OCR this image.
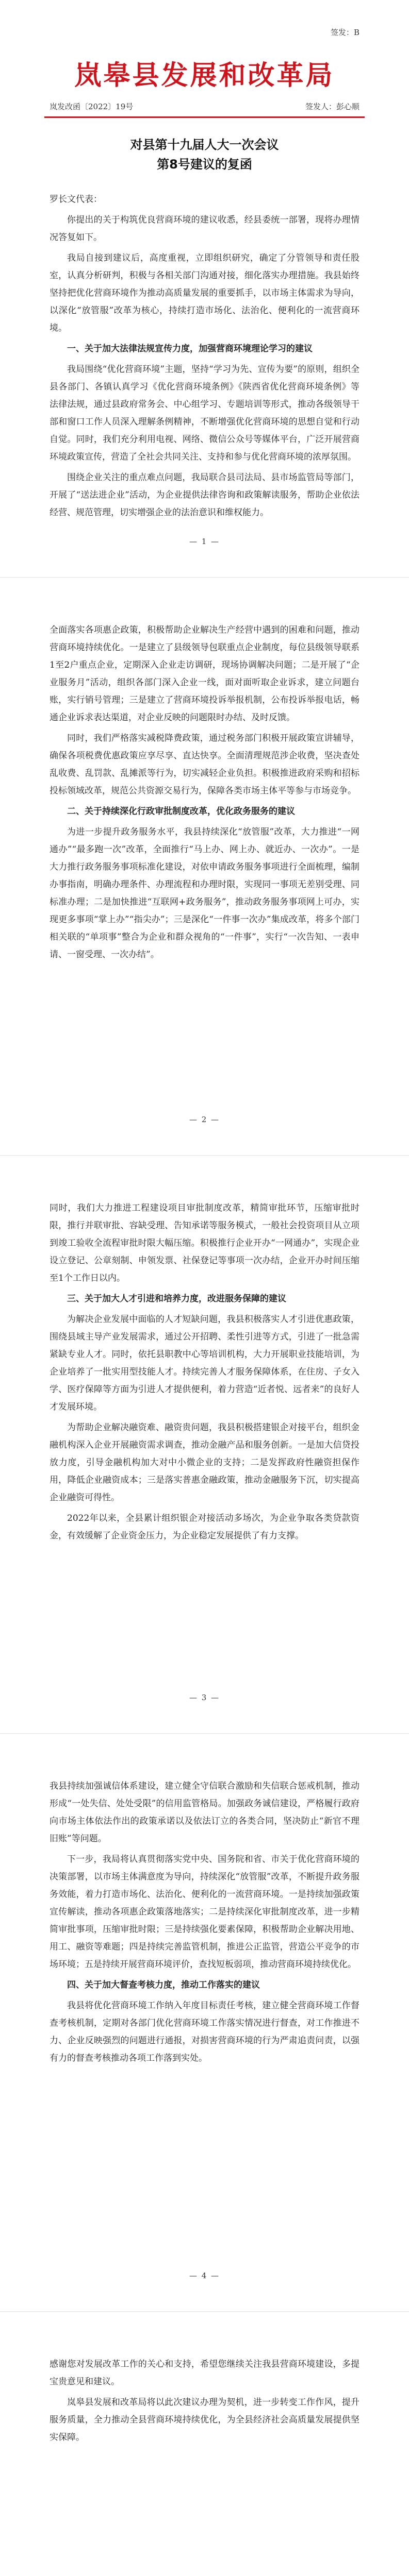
签发：B
岚皋县发展和改革局
岚发改函〔2022〕19号	签发人：彭心顺
对县第十九届人大一次会议
第8号建议的复函
罗长文代表：
你提出的关于构筑优良营商环境的建议收悉，经县委统一部署，现将办理情况答复如下。
我局自接到建议后，高度重视，立即组织研究，确定了分管领导和责任股室，认真分析研判，积极与各相关部门沟通对接，细化落实办理措施。我县始终坚持把优化营商环境作为推动高质量发展的重要抓手，以市场主体需求为导向，以深化“放管服”改革为核心，持续打造市场化、法治化、便利化的一流营商环境。
一、关于加大法律法规宣传力度，加强营商环境理论学习的建议
我局围绕“优化营商环境”主题，坚持“学习为先、宣传为要”的原则，组织全县各部门、各镇认真学习《优化营商环境条例》《陕西省优化营商环境条例》等法律法规，通过县政府常务会、中心组学习、专题培训等形式，推动各级领导干部和窗口工作人员深入理解条例精神，不断增强优化营商环境的思想自觉和行动自觉。同时，我们充分利用电视、网络、微信公众号等媒体平台，广泛开展营商环境政策宣传，营造了全社会共同关注、支持和参与优化营商环境的浓厚氛围。
围绕企业关注的重点难点问题，我局联合县司法局、县市场监管局等部门，开展了“送法进企业”活动，为企业提供法律咨询和政策解读服务，帮助企业依法经营、规范管理，切实增强企业的法治意识和维权能力。
— 1 —
全面落实各项惠企政策，积极帮助企业解决生产经营中遇到的困难和问题，推动营商环境持续优化。一是建立了县级领导包联重点企业制度，每位县级领导联系1至2户重点企业，定期深入企业走访调研，现场协调解决问题；二是开展了“企业服务月”活动，组织各部门深入企业一线，面对面听取企业诉求，建立问题台账，实行销号管理；三是建立了营商环境投诉举报机制，公布投诉举报电话，畅通企业诉求表达渠道，对企业反映的问题限时办结、及时反馈。
同时，我们严格落实减税降费政策，通过税务部门积极开展政策宣讲辅导，确保各项税费优惠政策应享尽享、直达快享。全面清理规范涉企收费，坚决查处乱收费、乱罚款、乱摊派等行为，切实减轻企业负担。积极推进政府采购和招标投标领域改革，规范公共资源交易行为，保障各类市场主体平等参与市场竞争。
二、关于持续深化行政审批制度改革，优化政务服务的建议
为进一步提升政务服务水平，我县持续深化“放管服”改革，大力推进“一网通办”“最多跑一次”改革，全面推行“马上办、网上办、就近办、一次办”。一是大力推行政务服务事项标准化建设，对依申请政务服务事项进行全面梳理，编制办事指南，明确办理条件、办理流程和办理时限，实现同一事项无差别受理、同标准办理；二是加快推进“互联网+政务服务”，推动政务服务事项网上可办，实现更多事项“掌上办”“指尖办”；三是深化“一件事一次办”集成改革，将多个部门相关联的“单项事”整合为企业和群众视角的“一件事”，实行“一次告知、一表申请、一窗受理、一次办结”。
— 2 —
同时，我们大力推进工程建设项目审批制度改革，精简审批环节，压缩审批时限，推行并联审批、容缺受理、告知承诺等服务模式，一般社会投资项目从立项到竣工验收全流程审批时限大幅压缩。积极推行企业开办“一网通办”，实现企业设立登记、公章刻制、申领发票、社保登记等事项一次办结，企业开办时间压缩至1个工作日以内。
三、关于加大人才引进和培养力度，改进服务保障的建议
为解决企业发展中面临的人才短缺问题，我县积极落实人才引进优惠政策，围绕县域主导产业发展需求，通过公开招聘、柔性引进等方式，引进了一批急需紧缺专业人才。同时，依托县职教中心等培训机构，大力开展职业技能培训，为企业培养了一批实用型技能人才。持续完善人才服务保障体系，在住房、子女入学、医疗保障等方面为引进人才提供便利，着力营造“近者悦、远者来”的良好人才发展环境。
为帮助企业解决融资难、融资贵问题，我县积极搭建银企对接平台，组织金融机构深入企业开展融资需求调查，推动金融产品和服务创新。一是加大信贷投放力度，引导金融机构加大对中小微企业的支持；二是发挥政府性融资担保作用，降低企业融资成本；三是落实普惠金融政策，推动金融服务下沉，切实提高企业融资可得性。
2022年以来，全县累计组织银企对接活动多场次，为企业争取各类贷款资金，有效缓解了企业资金压力，为企业稳定发展提供了有力支撑。
— 3 —
我县持续加强诚信体系建设，建立健全守信联合激励和失信联合惩戒机制，推动形成“一处失信、处处受限”的信用监管格局。加强政务诚信建设，严格履行政府向市场主体依法作出的政策承诺以及依法订立的各类合同，坚决防止“新官不理旧账”等问题。
下一步，我局将认真贯彻落实党中央、国务院和省、市关于优化营商环境的决策部署，以市场主体满意度为导向，持续深化“放管服”改革，不断提升政务服务效能，着力打造市场化、法治化、便利化的一流营商环境。一是持续加强政策宣传解读，推动各项惠企政策落地落实；二是持续深化审批制度改革，进一步精简审批事项，压缩审批时限；三是持续强化要素保障，积极帮助企业解决用地、用工、融资等难题；四是持续完善监管机制，推进公正监管，营造公平竞争的市场环境；五是持续开展营商环境评价，查找短板弱项，推动营商环境持续优化。
四、关于加大督查考核力度，推动工作落实的建议
我县将优化营商环境工作纳入年度目标责任考核，建立健全营商环境工作督查考核机制，定期对各部门优化营商环境工作落实情况进行督查，对工作推进不力、企业反映强烈的问题进行通报，对损害营商环境的行为严肃追责问责，以强有力的督查考核推动各项工作落到实处。
— 4 —
感谢您对发展改革工作的关心和支持，希望您继续关注我县营商环境建设，多提宝贵意见和建议。
岚皋县发展和改革局将以此次建议办理为契机，进一步转变工作作风，提升服务质量，全力推动全县营商环境持续优化，为全县经济社会高质量发展提供坚实保障。
